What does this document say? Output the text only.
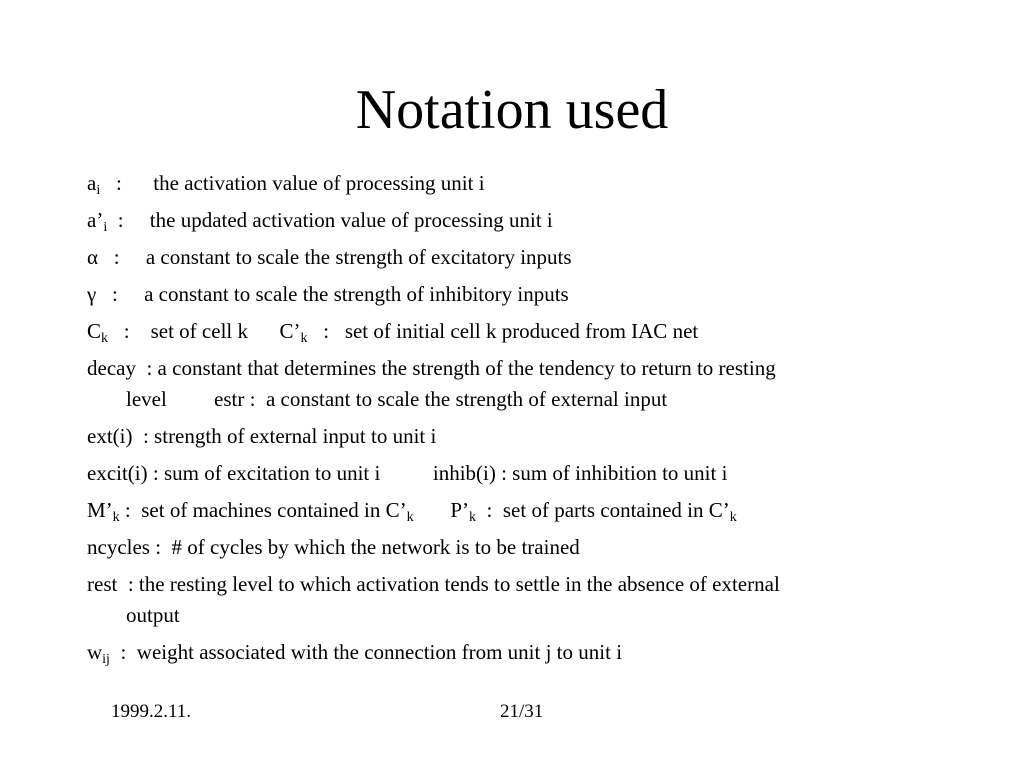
Notation used
$a_i$   :      the activation value of processing unit i
$a’_i$  :     the updated activation value of processing unit i
α   :     a constant to scale the strength of excitatory inputs
γ   :     a constant to scale the strength of inhibitory inputs
$C_k$   :    set of cell k      $C’_k$   :   set of initial cell k produced from IAC net
decay  : a constant that determines the strength of the tendency to return to resting
level         estr :  a constant to scale the strength of external input
ext(i)  : strength of external input to unit i
excit(i) : sum of excitation to unit i          inhib(i) : sum of inhibition to unit i
$M’_k$ :  set of machines contained in $C’_k$       $P’_k$  :  set of parts contained in $C’_k$
ncycles :  # of cycles by which the network is to be trained
rest  : the resting level to which activation tends to settle in the absence of external
output
$w_{ij}$  :  weight associated with the connection from unit j to unit i
1999.2.11.	21/31
